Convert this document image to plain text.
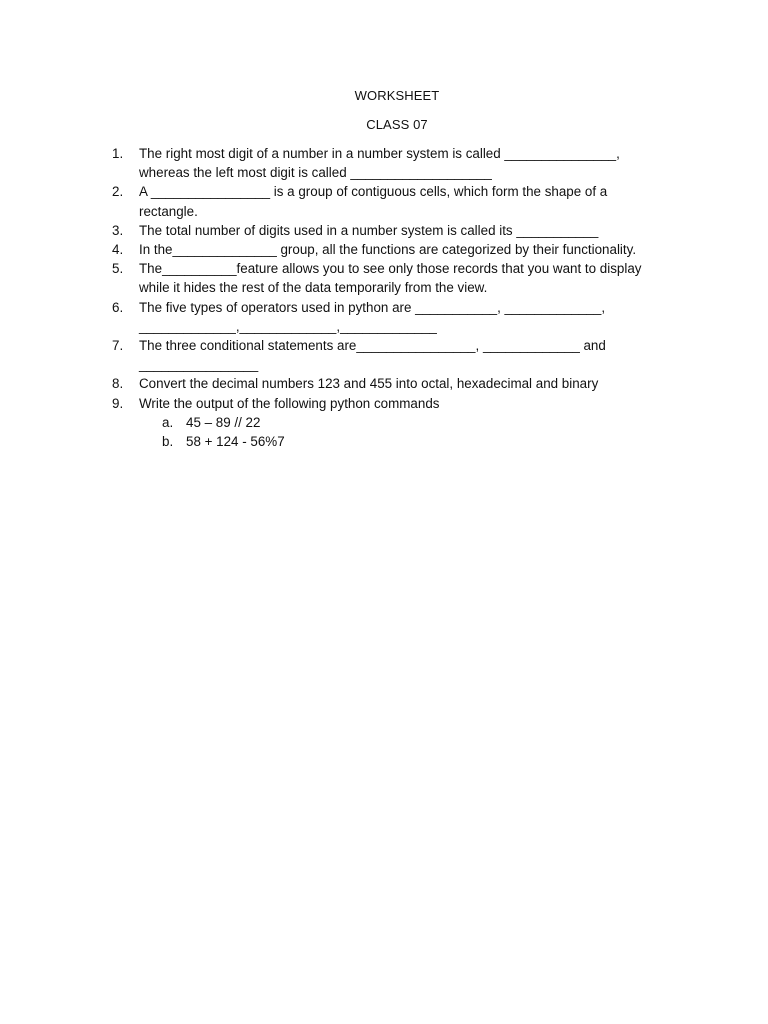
WORKSHEET
CLASS 07
1.	The right most digit of a number in a number system is called _______________,
whereas the left most digit is called ___________________
2.	A ________________ is a group of contiguous cells, which form the shape of a
rectangle.
3.	The total number of digits used in a number system is called its ___________
4.	In the______________ group, all the functions are categorized by their functionality.
5.	The__________feature allows you to see only those records that you want to display
while it hides the rest of the data temporarily from the view.
6.	The five types of operators used in python are ___________, _____________,
_____________,_____________,_____________
7.	The three conditional statements are________________, _____________ and
________________
8.	Convert the decimal numbers 123 and 455 into octal, hexadecimal and binary
9.	Write the output of the following python commands
a. 45 – 89 // 22
b. 58 + 124 - 56%7
